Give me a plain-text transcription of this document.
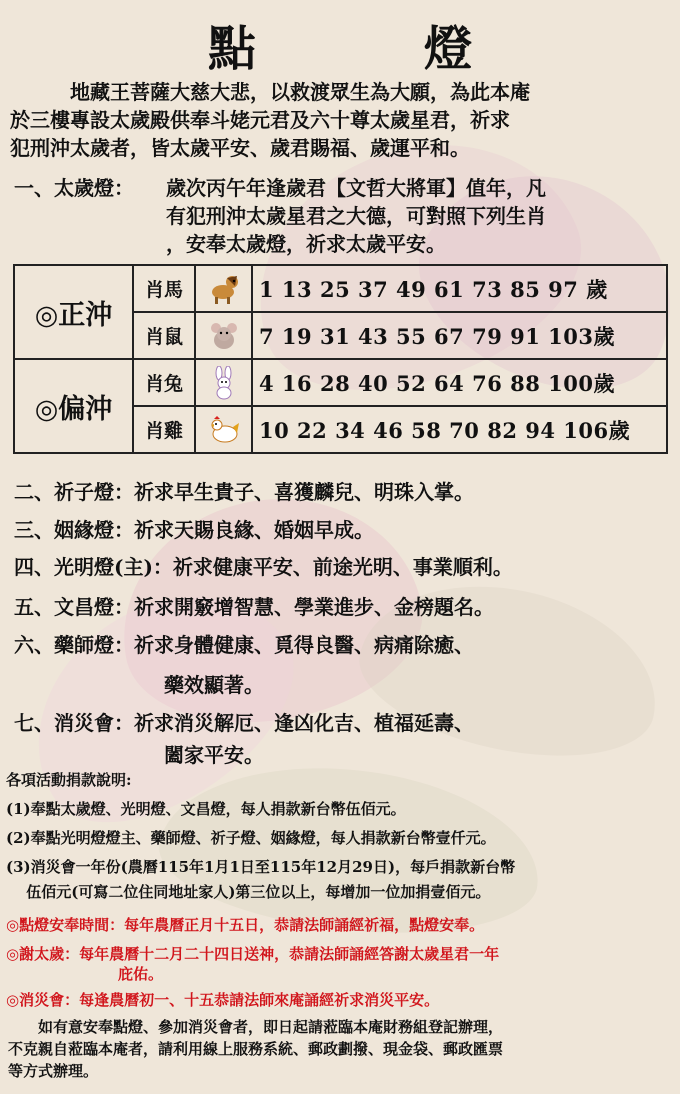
點　燈

　　　地藏王菩薩大慈大悲，以救渡眾生為大願，為此本庵

於三樓專設太歲殿供奉斗姥元君及六十尊太歲星君，祈求

犯刑沖太歲者，皆太歲平安、歲君賜福、歲運平和。

一、太歲燈： 歲次丙午年逢歲君【文哲大將軍】值年，凡
有犯刑沖太歲星君之大德，可對照下列生肖
，安奉太歲燈，祈求太歲平安。
◎正沖	肖馬		1 13 25 37 49 61 73 85 97 歲
	肖鼠		7 19 31 43 55 67 79 91 103歲
◎偏沖	肖兔		4 16 28 40 52 64 76 88 100歲
	肖雞		10 22 34 46 58 70 82 94 106歲
二、祈子燈：祈求早生貴子、喜獲麟兒、明珠入掌。
三、姻緣燈：祈求天賜良緣、婚姻早成。
四、光明燈(主)：祈求健康平安、前途光明、事業順利。
五、文昌燈：祈求開竅增智慧、學業進步、金榜題名。
六、藥師燈：祈求身體健康、覓得良醫、病痛除癒、
藥效顯著。
七、消災會：祈求消災解厄、逢凶化吉、植福延壽、
闔家平安。
各項活動捐款說明:
(1)奉點太歲燈、光明燈、文昌燈，每人捐款新台幣伍佰元。
(2)奉點光明燈燈主、藥師燈、祈子燈、姻緣燈，每人捐款新台幣壹仟元。
(3)消災會一年份(農曆115年1月1日至115年12月29日)，每戶捐款新台幣
　 伍佰元(可寫二位住同地址家人)第三位以上，每增加一位加捐壹佰元。
◎點燈安奉時間：每年農曆正月十五日，恭請法師誦經祈福，點燈安奉。
◎謝太歲：每年農曆十二月二十四日送神，恭請法師誦經答謝太歲星君一年
庇佑。
◎消災會：每逢農曆初一、十五恭請法師來庵誦經祈求消災平安。
　　如有意安奉點燈、參加消災會者，即日起請蒞臨本庵財務組登記辦理，
不克親自蒞臨本庵者，請利用線上服務系統、郵政劃撥、現金袋、郵政匯票
等方式辦理。
